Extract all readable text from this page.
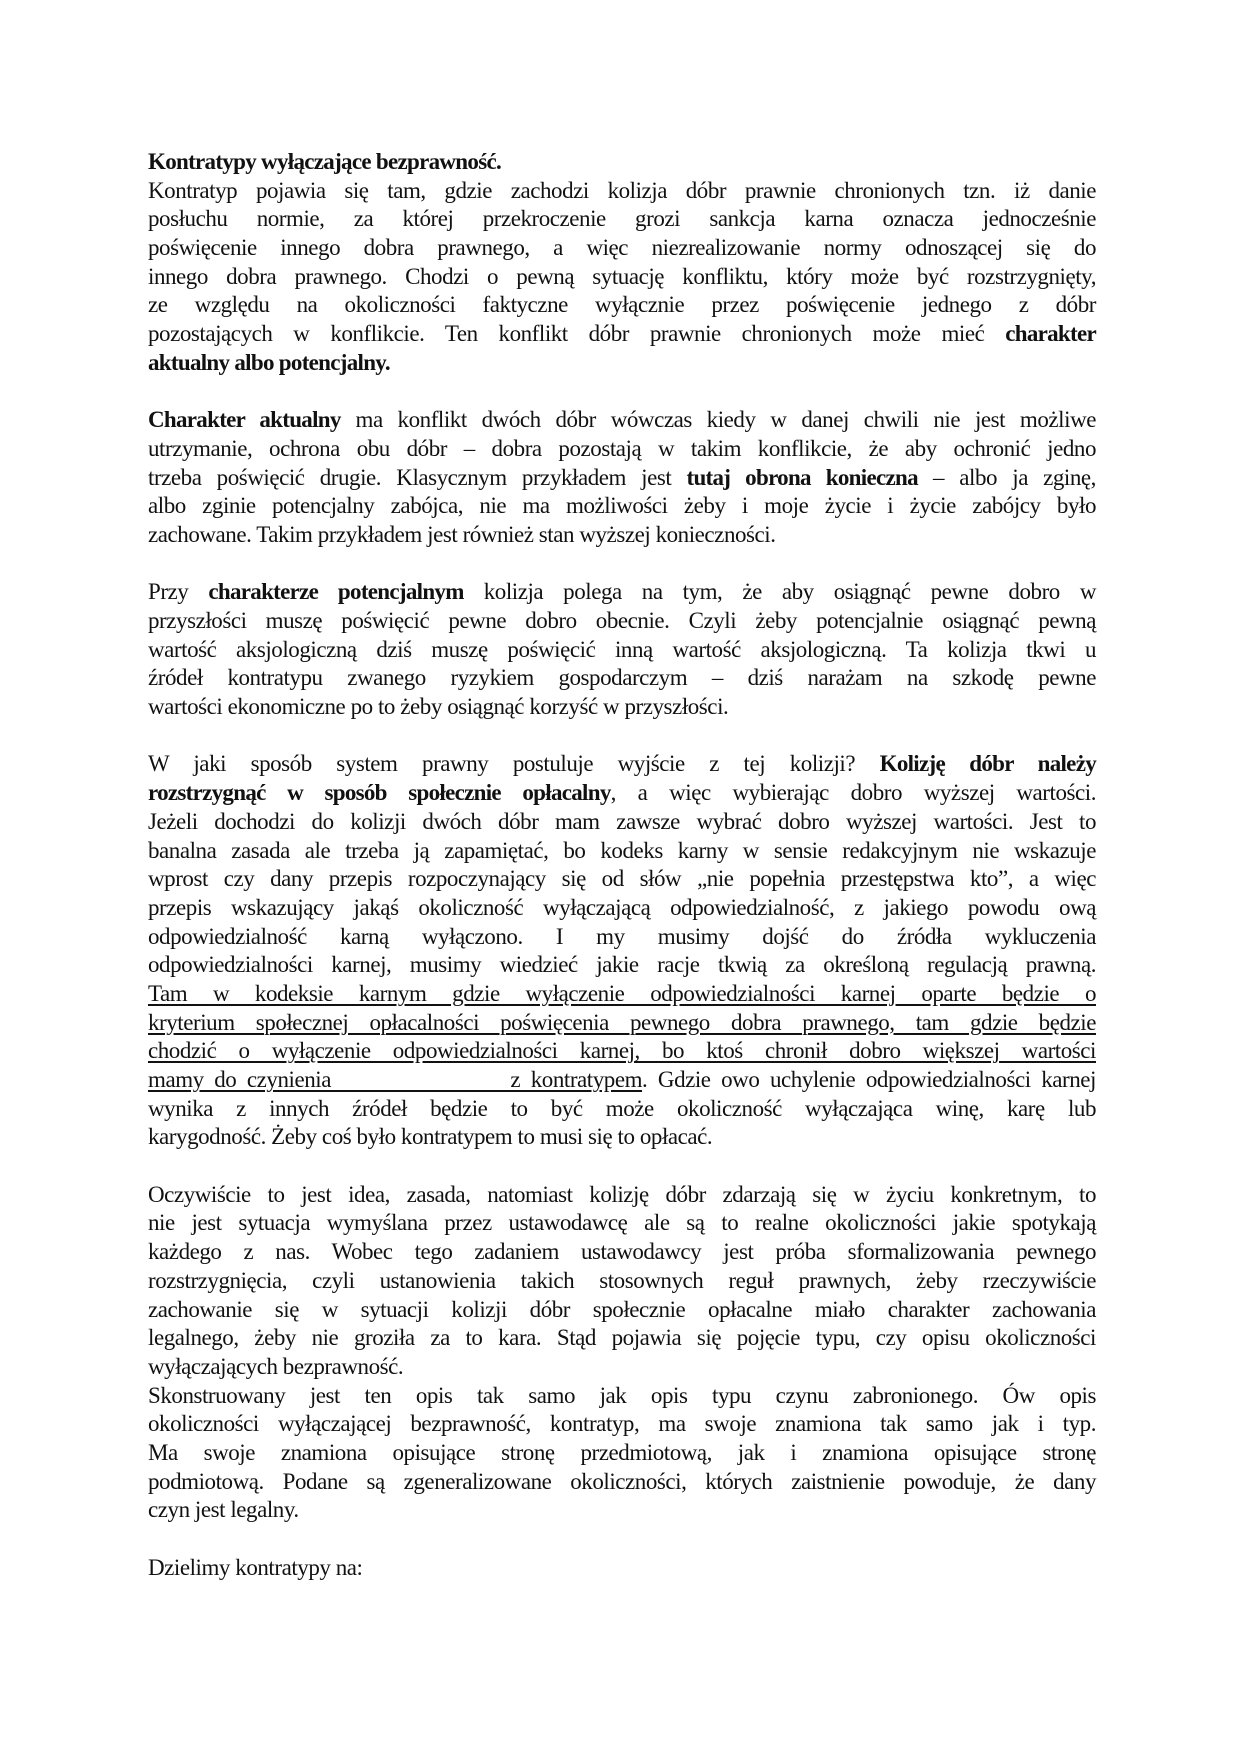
Kontratypy wyłączające bezprawność.
Kontratyp pojawia się tam, gdzie zachodzi kolizja dóbr prawnie chronionych tzn. iż danie
posłuchu normie, za której przekroczenie grozi sankcja karna oznacza jednocześnie
poświęcenie innego dobra prawnego, a więc niezrealizowanie normy odnoszącej się do
innego dobra prawnego. Chodzi o pewną sytuację konfliktu, który może być rozstrzygnięty,
ze względu na okoliczności faktyczne wyłącznie przez poświęcenie jednego z dóbr
pozostających w konflikcie. Ten konflikt dóbr prawnie chronionych może mieć charakter
aktualny albo potencjalny.
Charakter aktualny ma konflikt dwóch dóbr wówczas kiedy w danej chwili nie jest możliwe
utrzymanie, ochrona obu dóbr – dobra pozostają w takim konflikcie, że aby ochronić jedno
trzeba poświęcić drugie. Klasycznym przykładem jest tutaj obrona konieczna – albo ja zginę,
albo zginie potencjalny zabójca, nie ma możliwości żeby i moje życie i życie zabójcy było
zachowane. Takim przykładem jest również stan wyższej konieczności.
Przy charakterze potencjalnym kolizja polega na tym, że aby osiągnąć pewne dobro w
przyszłości muszę poświęcić pewne dobro obecnie. Czyli żeby potencjalnie osiągnąć pewną
wartość aksjologiczną dziś muszę poświęcić inną wartość aksjologiczną. Ta kolizja tkwi u
źródeł kontratypu zwanego ryzykiem gospodarczym – dziś narażam na szkodę pewne
wartości ekonomiczne po to żeby osiągnąć korzyść w przyszłości.
W jaki sposób system prawny postuluje wyjście z tej kolizji? Kolizję dóbr należy
rozstrzygnąć w sposób społecznie opłacalny, a więc wybierając dobro wyższej wartości.
Jeżeli dochodzi do kolizji dwóch dóbr mam zawsze wybrać dobro wyższej wartości. Jest to
banalna zasada ale trzeba ją zapamiętać, bo kodeks karny w sensie redakcyjnym nie wskazuje
wprost czy dany przepis rozpoczynający się od słów „nie popełnia przestępstwa kto”, a więc
przepis wskazujący jakąś okoliczność wyłączającą odpowiedzialność, z jakiego powodu ową
odpowiedzialność karną wyłączono. I my musimy dojść do źródła wykluczenia
odpowiedzialności karnej, musimy wiedzieć jakie racje tkwią za określoną regulacją prawną.
Tam w kodeksie karnym gdzie wyłączenie odpowiedzialności karnej oparte będzie o
kryterium społecznej opłacalności poświęcenia pewnego dobra prawnego, tam gdzie będzie
chodzić o wyłączenie odpowiedzialności karnej, bo ktoś chronił dobro większej wartości
mamy do czynienia                 z kontratypem. Gdzie owo uchylenie odpowiedzialności karnej
wynika z innych źródeł będzie to być może okoliczność wyłączająca winę, karę lub
karygodność. Żeby coś było kontratypem to musi się to opłacać.
Oczywiście to jest idea, zasada, natomiast kolizję dóbr zdarzają się w życiu konkretnym, to
nie jest sytuacja wymyślana przez ustawodawcę ale są to realne okoliczności jakie spotykają
każdego z nas. Wobec tego zadaniem ustawodawcy jest próba sformalizowania pewnego
rozstrzygnięcia, czyli ustanowienia takich stosownych reguł prawnych, żeby rzeczywiście
zachowanie się w sytuacji kolizji dóbr społecznie opłacalne miało charakter zachowania
legalnego, żeby nie groziła za to kara. Stąd pojawia się pojęcie typu, czy opisu okoliczności
wyłączających bezprawność.
Skonstruowany jest ten opis tak samo jak opis typu czynu zabronionego. Ów opis
okoliczności wyłączającej bezprawność, kontratyp, ma swoje znamiona tak samo jak i typ.
Ma swoje znamiona opisujące stronę przedmiotową, jak i znamiona opisujące stronę
podmiotową. Podane są zgeneralizowane okoliczności, których zaistnienie powoduje, że dany
czyn jest legalny.
Dzielimy kontratypy na:
